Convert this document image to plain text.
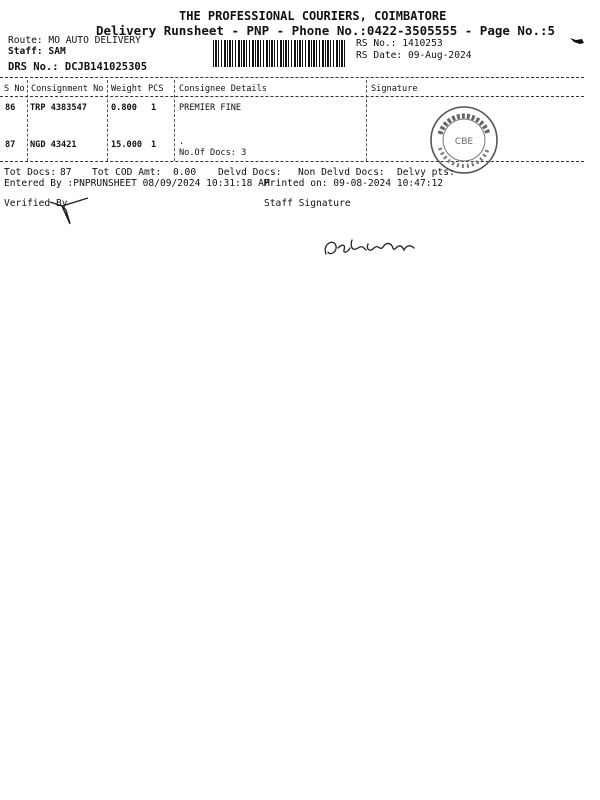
THE PROFESSIONAL COURIERS, COIMBATORE
Delivery Runsheet - PNP - Phone No.:0422-3505555 - Page No.:5
Route: MO AUTO DELIVERY
Staff: SAM
DRS No.: DCJB141025305
RS No.: 1410253
RS Date: 09-Aug-2024
S No Consignment No Weight PCS Consignee Details	Signature
86 TRP 4383547	0.800 1	PREMIER FINE
87 NGD 43421	15.000 1	.
No.Of Docs: 3
CBE
Tot Docs: 87 Tot COD Amt: 0.00 Delvd Docs: Non Delvd Docs: Delvy pts:
Entered By :PNPRUNSHEET 08/09/2024 10:31:18 AM
Printed on: 09-08-2024 10:47:12
Verified By	Staff Signature
